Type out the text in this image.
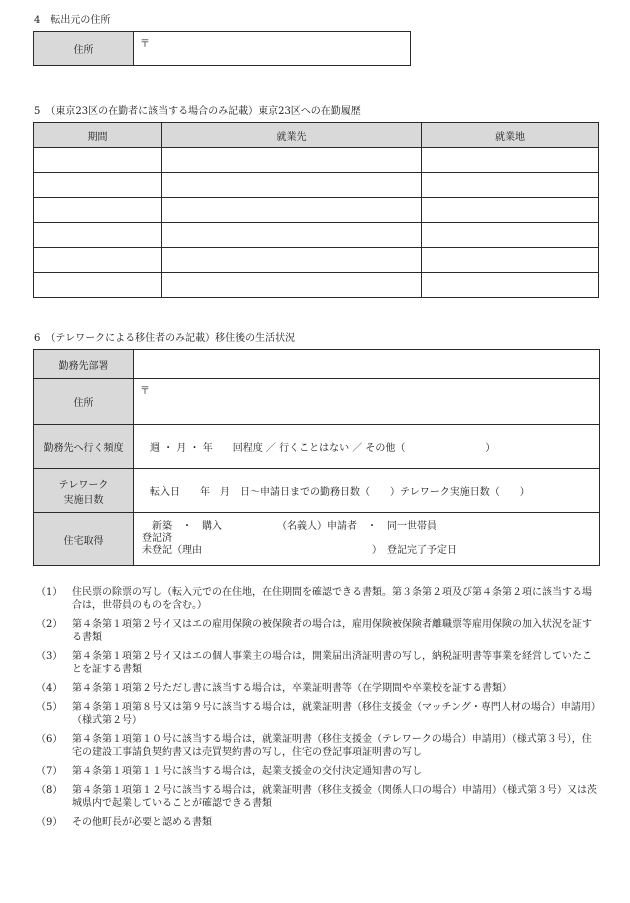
4　転出元の住所
住所	〒
5　（東京23区の在勤者に該当する場合のみ記載）東京23区への在勤履歴
期間	就業先	就業地

6　（テレワークによる移住者のみ記載）移住後の生活状況
勤務先部署	
住所	〒
勤務先へ行く頻度	週 ・ 月 ・ 年　　回程度 ／ 行くことはない ／ その他（　　　　　　　　）

テレワーク
実施日数	転入日　　年　月　日〜申請日までの勤務日数（　　）テレワーク実施日数（　　）
住宅取得	新築　・　購入　　　　　　（名義人）申請者　・　同一世帯員
登記済
未登記（理由　　　　　　　　　　　　　　　　　）　登記完了予定日
（1） 住民票の除票の写し（転入元での在住地，在住期間を確認できる書類。第３条第２項及び第４条第２項に該当する場合は，世帯員のものを含む。）
（2） 第４条第１項第２号イ又はエの雇用保険の被保険者の場合は，雇用保険被保険者離職票等雇用保険の加入状況を証する書類
（3） 第４条第１項第２号イ又はエの個人事業主の場合は，開業届出済証明書の写し，納税証明書等事業を経営していたことを証する書類
（4） 第４条第１項第２号ただし書に該当する場合は，卒業証明書等（在学期間や卒業校を証する書類）
（5） 第４条第１項第８号又は第９号に該当する場合は，就業証明書（移住支援金（マッチング・専門人材の場合）申請用）（様式第２号）
（6） 第４条第１項第１０号に該当する場合は，就業証明書（移住支援金（テレワークの場合）申請用）（様式第３号），住宅の建設工事請負契約書又は売買契約書の写し，住宅の登記事項証明書の写し
（7） 第４条第１項第１１号に該当する場合は，起業支援金の交付決定通知書の写し
（8） 第４条第１項第１２号に該当する場合は，就業証明書（移住支援金（関係人口の場合）申請用）（様式第３号）又は茨城県内で起業していることが確認できる書類
（9） その他町長が必要と認める書類
